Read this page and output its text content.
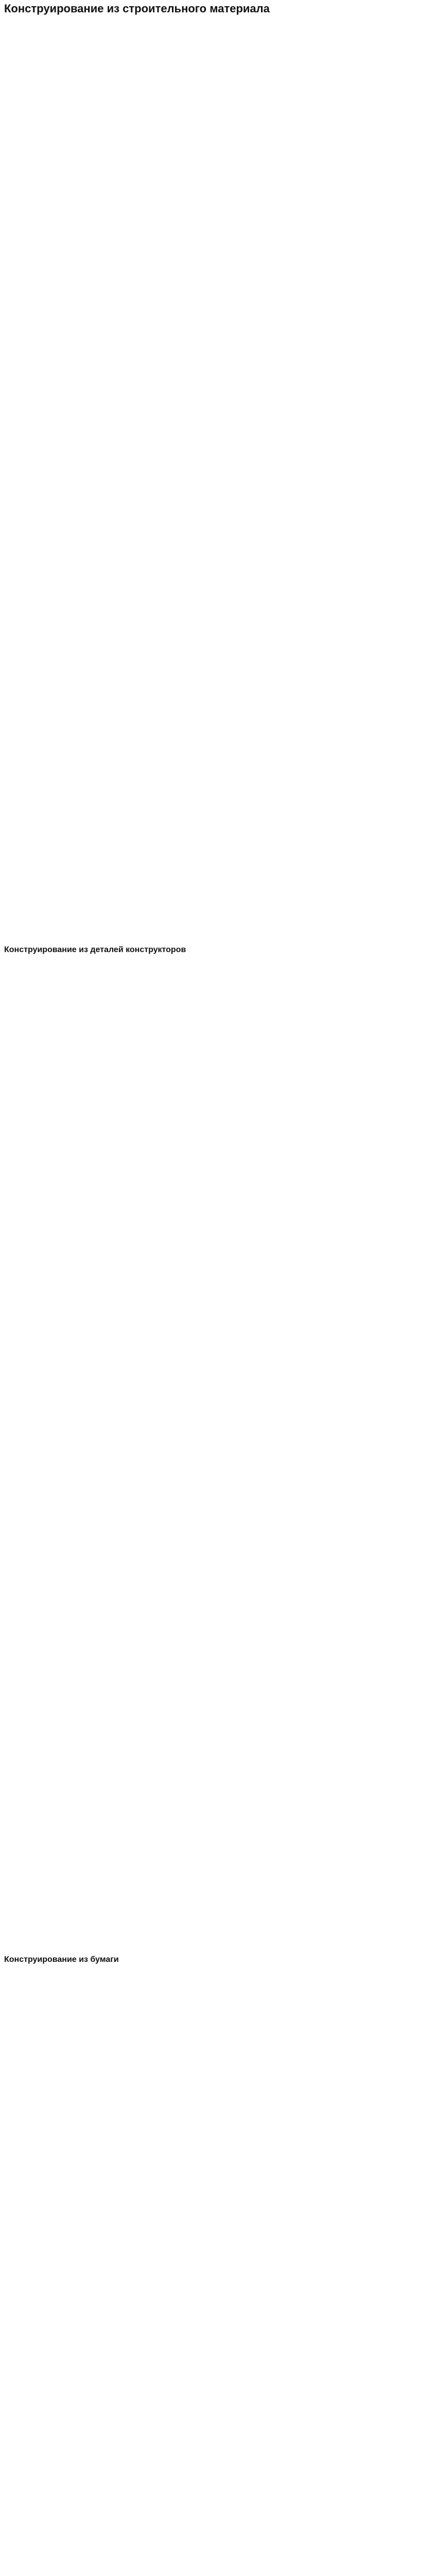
Конструирование из строительного материала

Конструирование из деталей конструкторов

Конструирование из бумаги
